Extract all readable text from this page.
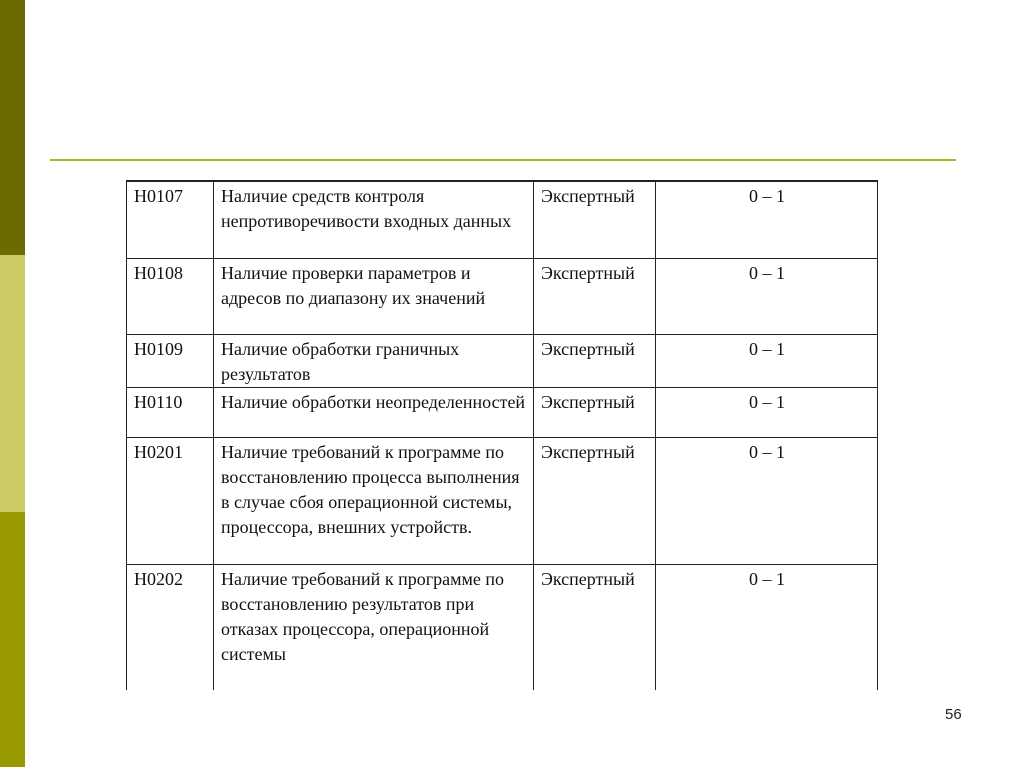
Н0107	Наличие средств контроля непротиворечивости входных данных	Экспертный	0 – 1
Н0108	Наличие проверки параметров и адресов по диапазону их значений	Экспертный	0 – 1
Н0109	Наличие обработки граничных результатов	Экспертный	0 – 1
Н0110	Наличие обработки неопределенностей	Экспертный	0 – 1
Н0201	Наличие требований к программе по восстановлению процесса выполнения в случае сбоя операционной системы, процессора, внешних устройств.	Экспертный	0 – 1
Н0202	Наличие требований к программе по восстановлению результатов при отказах процессора, операционной системы	Экспертный	0 – 1
56
